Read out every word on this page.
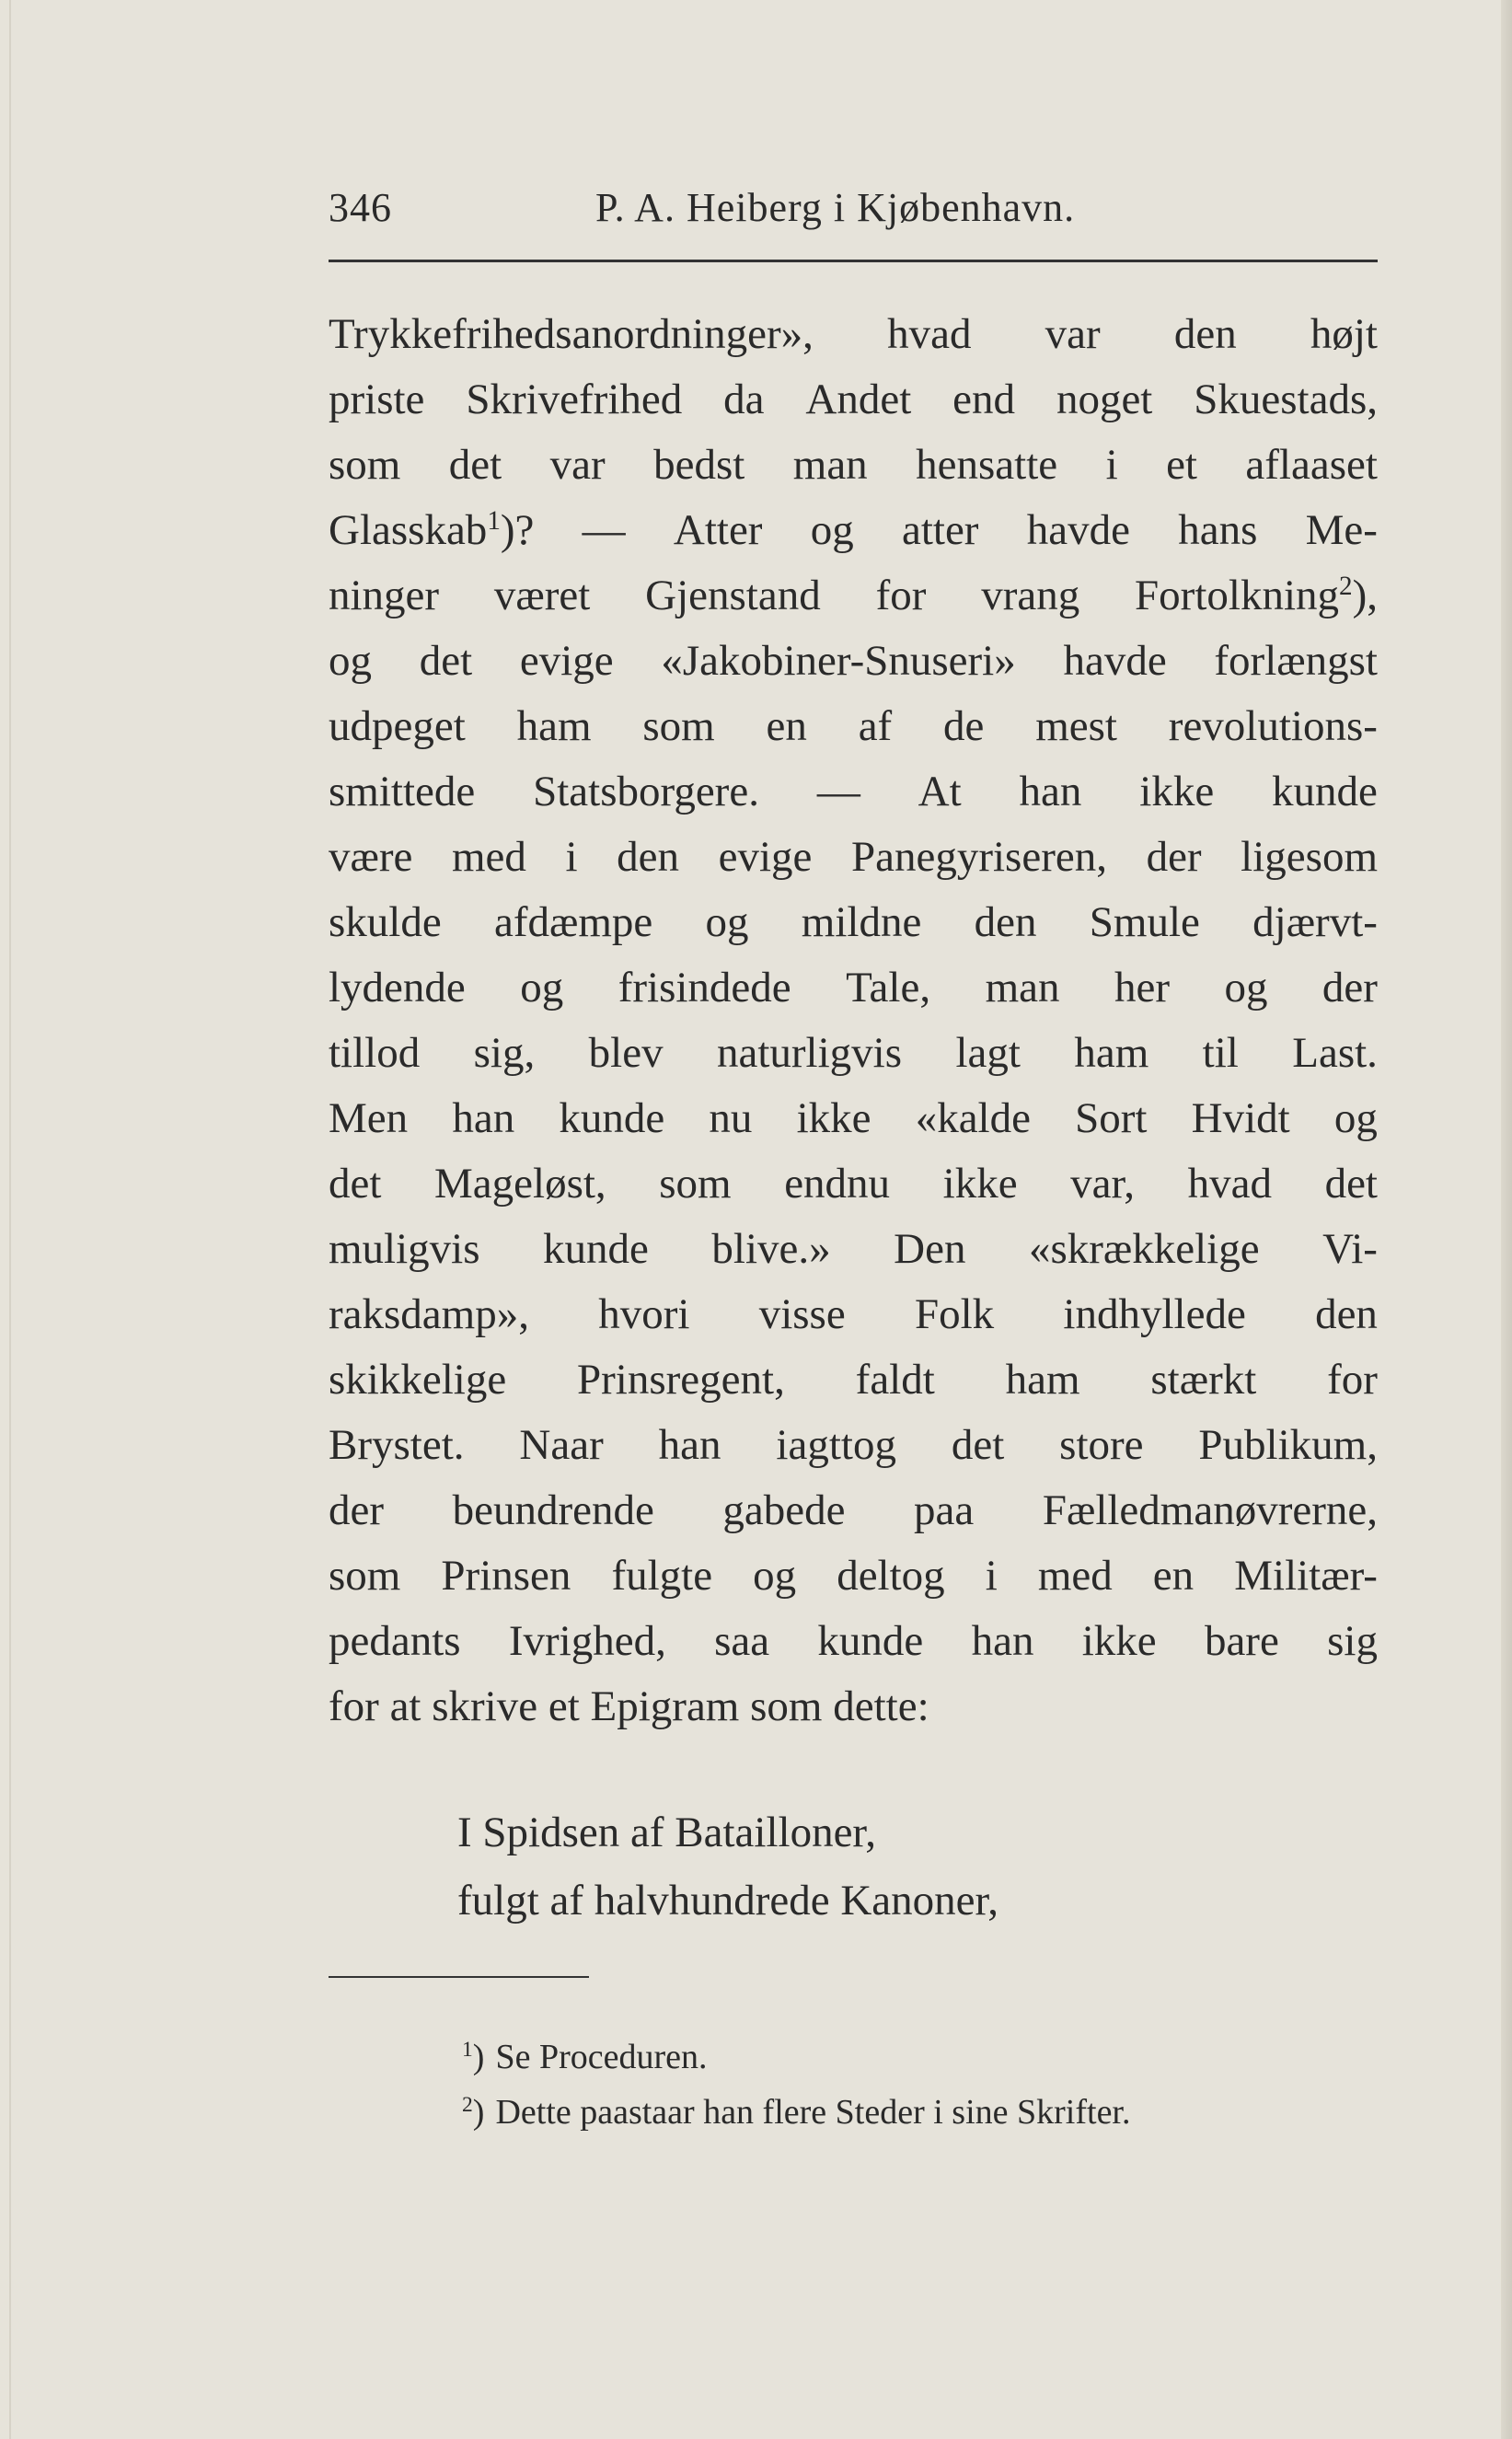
346	P. A. Heiberg i Kjøbenhavn.
Trykkefrihedsanordninger», hvad var den højt
priste Skrivefrihed da Andet end noget Skuestads,
som det var bedst man hensatte i et aflaaset
Glasskab$^1$)? — Atter og atter havde hans Me-
ninger været Gjenstand for vrang Fortolkning$^2$),
og det evige «Jakobiner-Snuseri» havde forlængst
udpeget ham som en af de mest revolutions-
smittede Statsborgere. — At han ikke kunde
være med i den evige Panegyriseren, der ligesom
skulde afdæmpe og mildne den Smule djærvt-
lydende og frisindede Tale, man her og der
tillod sig, blev naturligvis lagt ham til Last.
Men han kunde nu ikke «kalde Sort Hvidt og
det Mageløst, som endnu ikke var, hvad det
muligvis kunde blive.» Den «skrækkelige Vi-
raksdamp», hvori visse Folk indhyllede den
skikkelige Prinsregent, faldt ham stærkt for
Brystet. Naar han iagttog det store Publikum,
der beundrende gabede paa Fælledmanøvrerne,
som Prinsen fulgte og deltog i med en Militær-
pedants Ivrighed, saa kunde han ikke bare sig
for at skrive et Epigram som dette:
I Spidsen af Bataillоner,
fulgt af halvhundrede Kanoner,
$^1$) Se Proceduren.
$^2$) Dette paastaar han flere Steder i sine Skrifter.
